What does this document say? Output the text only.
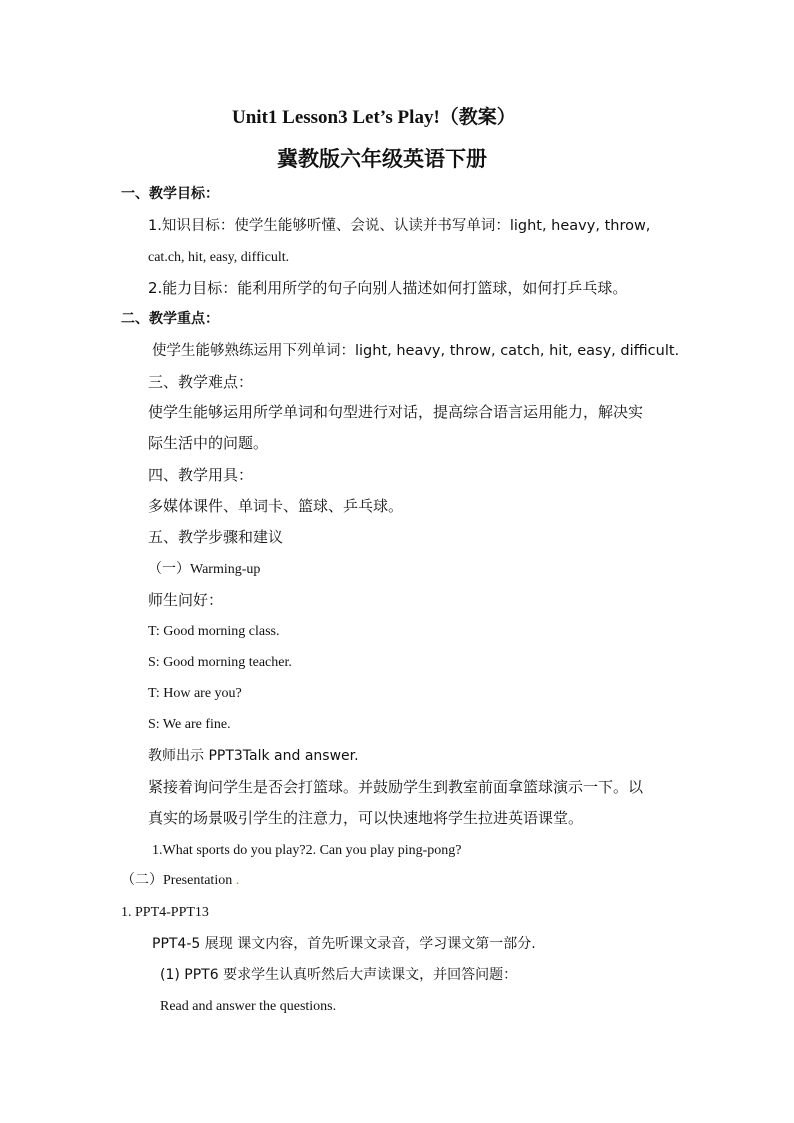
Unit1 Lesson3 Let’s Play!（教案）
冀教版六年级英语下册
一、教学目标：
1.知识目标：使学生能够听懂、会说、认读并书写单词：light, heavy, throw,
cat.ch, hit, easy, difficult.
2.能力目标：能利用所学的句子向别人描述如何打篮球，如何打乒乓球。
二、教学重点：
使学生能够熟练运用下列单词：light, heavy, throw, catch, hit, easy, difficult.
三、教学难点：
使学生能够运用所学单词和句型进行对话，提高综合语言运用能力，解决实
际生活中的问题。
四、教学用具：
多媒体课件、单词卡、篮球、乒乓球。
五、教学步骤和建议
（一）Warming-up
师生问好：
T: Good morning class.
S: Good morning teacher.
T: How are you?
S: We are fine.
教师出示 PPT3Talk and answer.
紧接着询问学生是否会打篮球。并鼓励学生到教室前面拿篮球演示一下。以
真实的场景吸引学生的注意力，可以快速地将学生拉进英语课堂。
1.What sports do you play?2. Can you play ping-pong?
（二）Presentation .
1. PPT4-PPT13
PPT4-5 展现 课文内容，首先听课文录音，学习课文第一部分.
(1) PPT6 要求学生认真听然后大声读课文，并回答问题：
Read and answer the questions.
